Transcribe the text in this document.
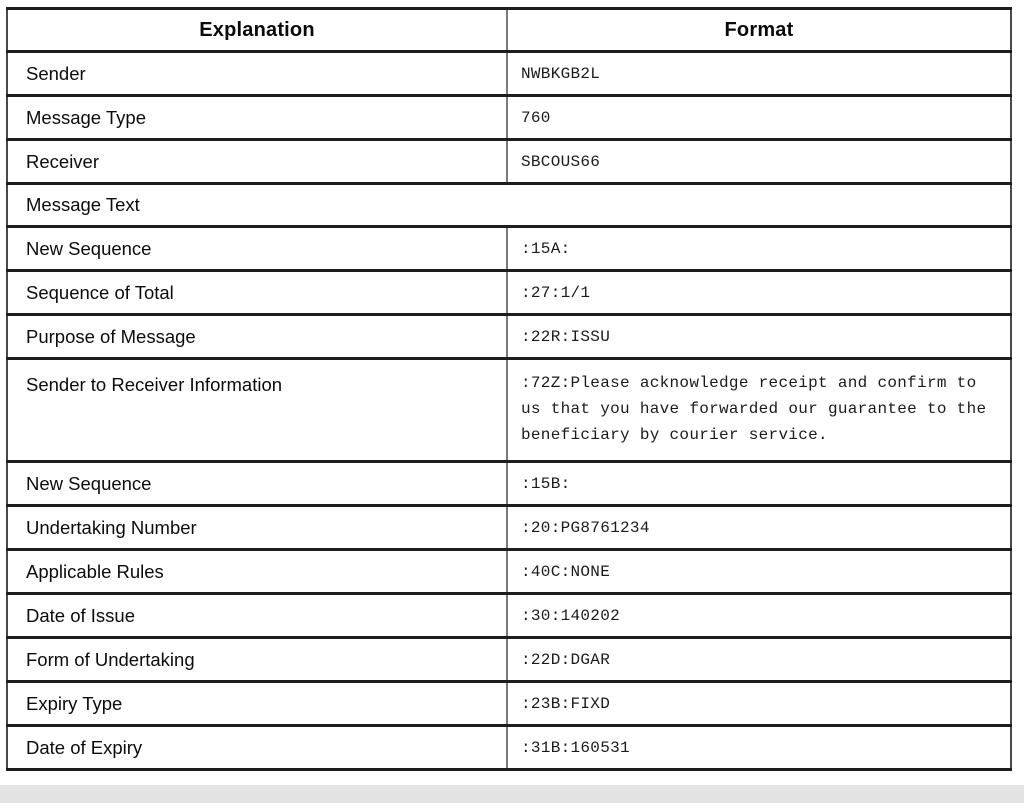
Explanation	Format
Sender	NWBKGB2L
Message Type	760
Receiver	SBCOUS66
Message Text	
New Sequence	:15A:
Sequence of Total	:27:1/1
Purpose of Message	:22R:ISSU
Sender to Receiver Information	:72Z:Please acknowledge receipt and confirm to us that you have forwarded our guarantee to the beneficiary by courier service.
New Sequence	:15B:
Undertaking Number	:20:PG8761234
Applicable Rules	:40C:NONE
Date of Issue	:30:140202
Form of Undertaking	:22D:DGAR
Expiry Type	:23B:FIXD
Date of Expiry	:31B:160531
